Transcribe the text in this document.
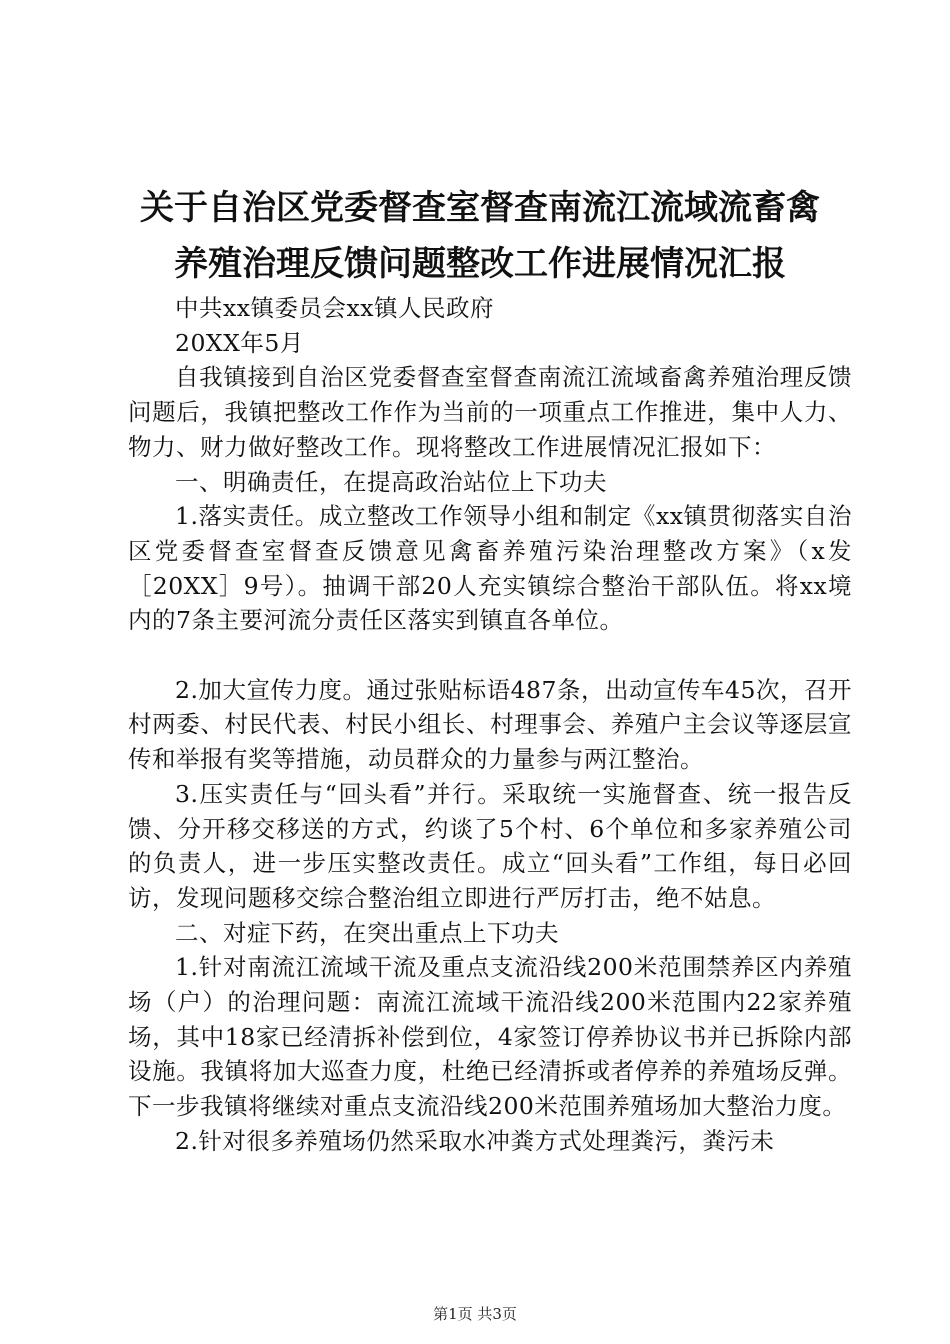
关于自治区党委督查室督查南流江流域流畜禽
养殖治理反馈问题整改工作进展情况汇报

中共xx镇委员会xx镇人民政府

20XX年5月

自我镇接到自治区党委督查室督查南流江流域畜禽养殖治理反馈问题后，我镇把整改工作作为当前的一项重点工作推进，集中人力、物力、财力做好整改工作。现将整改工作进展情况汇报如下：

一、明确责任，在提高政治站位上下功夫

1.落实责任。成立整改工作领导小组和制定《xx镇贯彻落实自治区党委督查室督查反馈意见禽畜养殖污染治理整改方案》（x发［20XX］9号）。抽调干部20人充实镇综合整治干部队伍。将xx境内的7条主要河流分责任区落实到镇直各单位。

2.加大宣传力度。通过张贴标语487条，出动宣传车45次，召开村两委、村民代表、村民小组长、村理事会、养殖户主会议等逐层宣传和举报有奖等措施，动员群众的力量参与两江整治。

3.压实责任与“回头看”并行。采取统一实施督查、统一报告反馈、分开移交移送的方式，约谈了5个村、6个单位和多家养殖公司的负责人，进一步压实整改责任。成立“回头看”工作组，每日必回访，发现问题移交综合整治组立即进行严厉打击，绝不姑息。

二、对症下药，在突出重点上下功夫

1.针对南流江流域干流及重点支流沿线200米范围禁养区内养殖场（户）的治理问题：南流江流域干流沿线200米范围内22家养殖场，其中18家已经清拆补偿到位，4家签订停养协议书并已拆除内部设施。我镇将加大巡查力度，杜绝已经清拆或者停养的养殖场反弹。下一步我镇将继续对重点支流沿线200米范围养殖场加大整治力度。

2.针对很多养殖场仍然采取水冲粪方式处理粪污，粪污未

第1页 共3页
